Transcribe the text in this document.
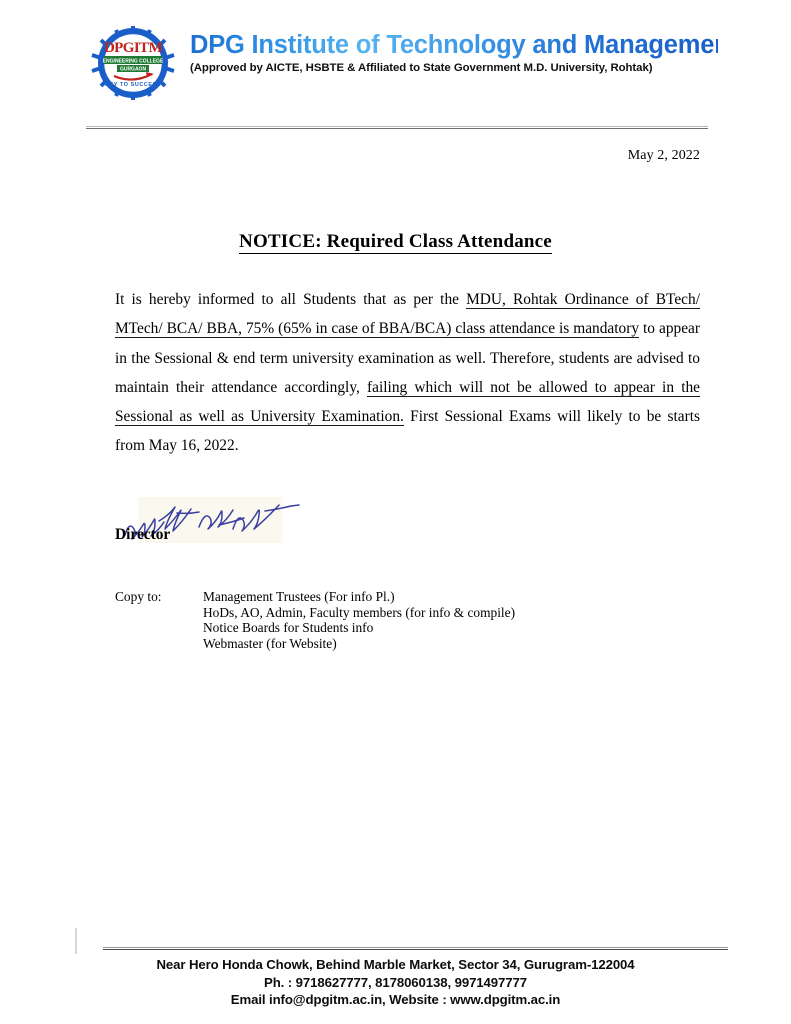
DPGITM
ENGINEERING COLLEGE
GURGAON
KEY TO SUCCESS
DPG Institute of Technology and Management
(Approved by AICTE, HSBTE & Affiliated to State Government M.D. University, Rohtak)
May 2, 2022
NOTICE: Required Class Attendance
It is hereby informed to all Students that as per the MDU, Rohtak Ordinance of BTech/ MTech/ BCA/ BBA, 75% (65% in case of BBA/BCA) class attendance is mandatory to appear in the Sessional & end term university examination as well. Therefore, students are advised to maintain their attendance accordingly, failing which will not be allowed to appear in the Sessional as well as University Examination. First Sessional Exams will likely to be starts from May 16, 2022.
Director
Copy to:	Management Trustees (For info Pl.)
HoDs, AO, Admin, Faculty members (for info & compile)
Notice Boards for Students info
Webmaster (for Website)
Near Hero Honda Chowk, Behind Marble Market, Sector 34, Gurugram-122004
Ph. : 9718627777, 8178060138, 9971497777
Email info@dpgitm.ac.in, Website : www.dpgitm.ac.in
